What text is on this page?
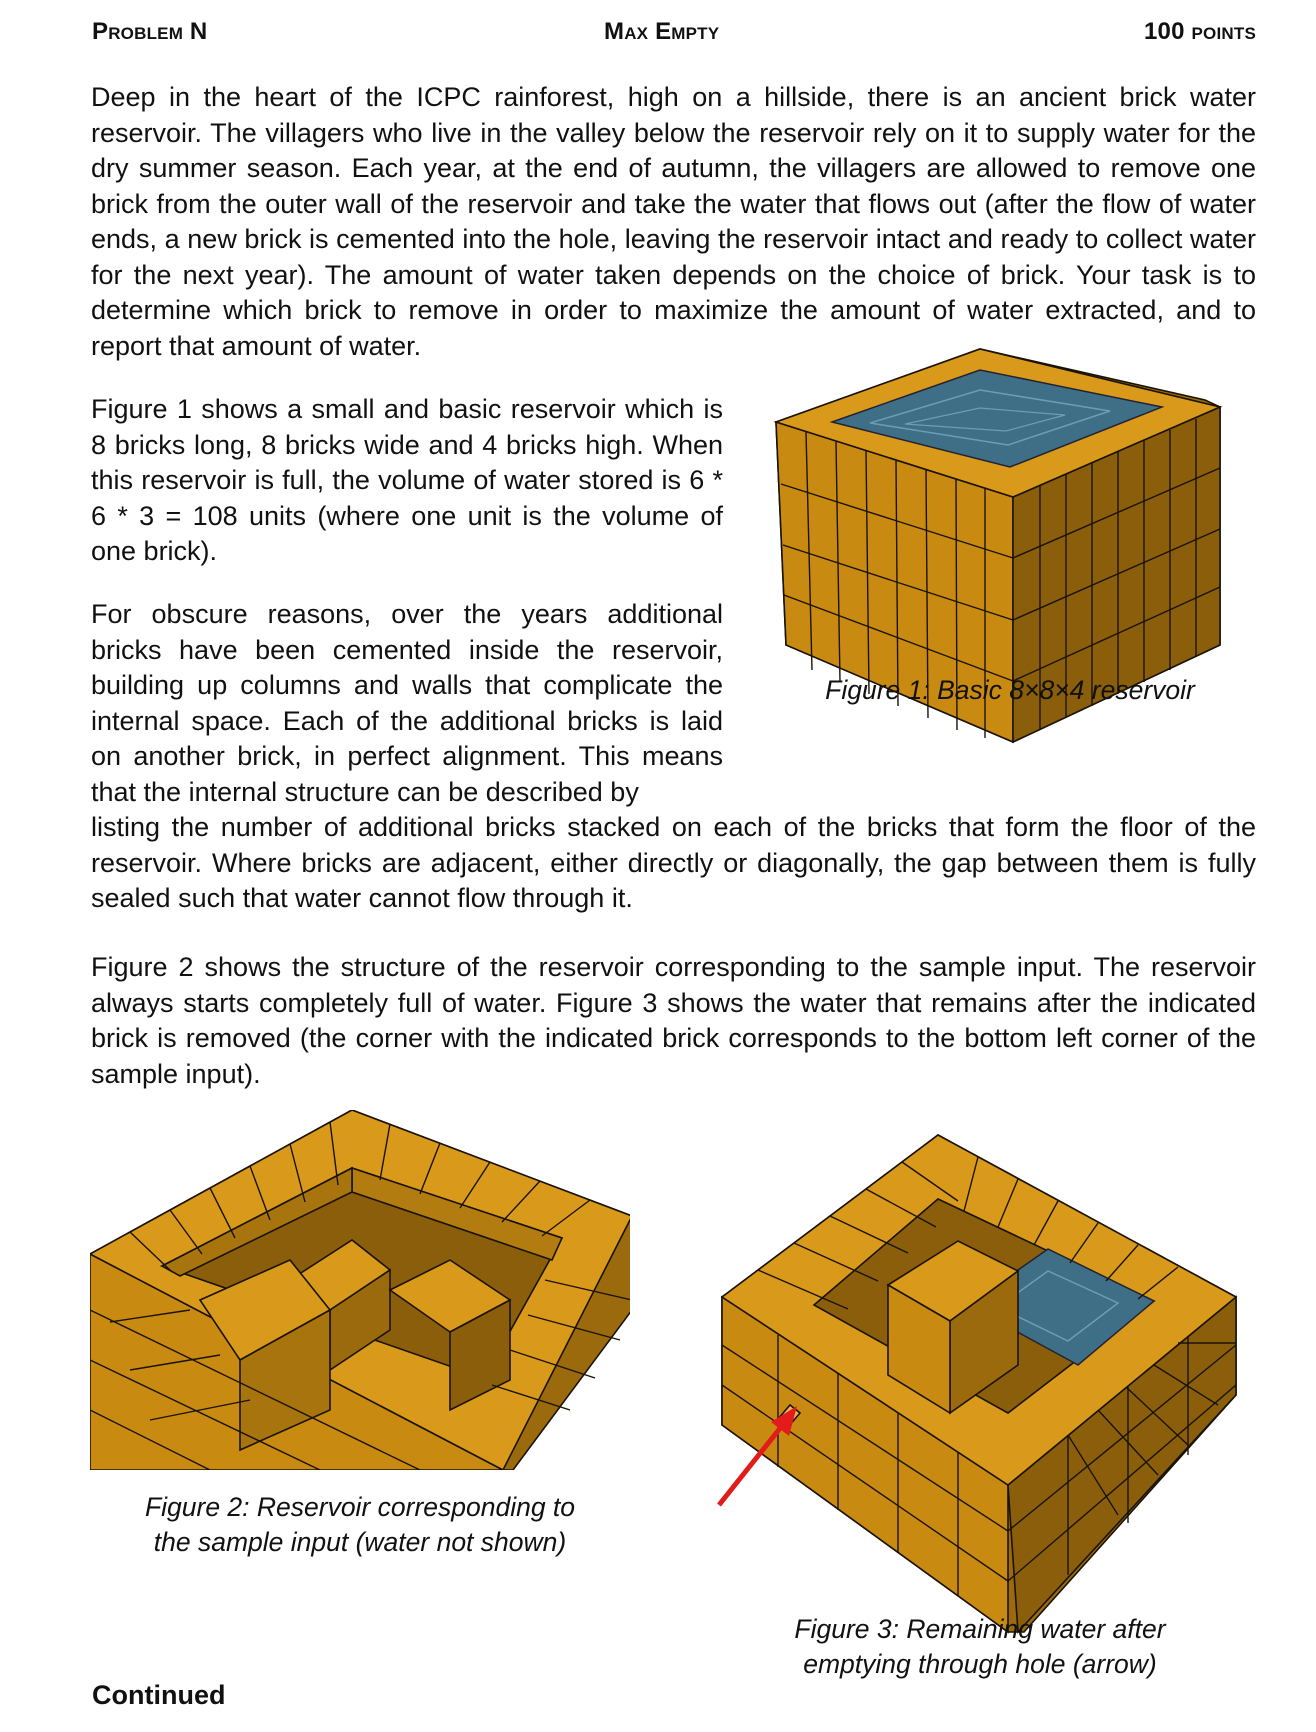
Problem N	Max Empty	100 points

Deep in the heart of the ICPC rainforest, high on a hillside, there is an ancient brick water reservoir. The villagers who live in the valley below the reservoir rely on it to supply water for the dry summer season. Each year, at the end of autumn, the villagers are allowed to remove one brick from the outer wall of the reservoir and take the water that flows out (after the flow of water ends, a new brick is cemented into the hole, leaving the reservoir intact and ready to collect water for the next year). The amount of water taken depends on the choice of brick. Your task is to determine which brick to remove in order to maximize the amount of water extracted, and to report that amount of water.

Figure 1 shows a small and basic reservoir which is 8 bricks long, 8 bricks wide and 4 bricks high. When this reservoir is full, the volume of water stored is 6 * 6 * 3 = 108 units (where one unit is the volume of one brick).

For obscure reasons, over the years additional bricks have been cemented inside the reservoir, building up columns and walls that complicate the internal space. Each of the additional bricks is laid on another brick, in perfect alignment. This means that the internal structure can be described by

listing the number of additional bricks stacked on each of the bricks that form the floor of the reservoir. Where bricks are adjacent, either directly or diagonally, the gap between them is fully sealed such that water cannot flow through it.

Figure 2 shows the structure of the reservoir corresponding to the sample input. The reservoir always starts completely full of water. Figure 3 shows the water that remains after the indicated brick is removed (the corner with the indicated brick corresponds to the bottom left corner of the sample input).

Figure 1: Basic 8×8×4 reservoir

Figure 2: Reservoir corresponding to

the sample input (water not shown)

Figure 3: Remaining water after

emptying through hole (arrow)

Continued
